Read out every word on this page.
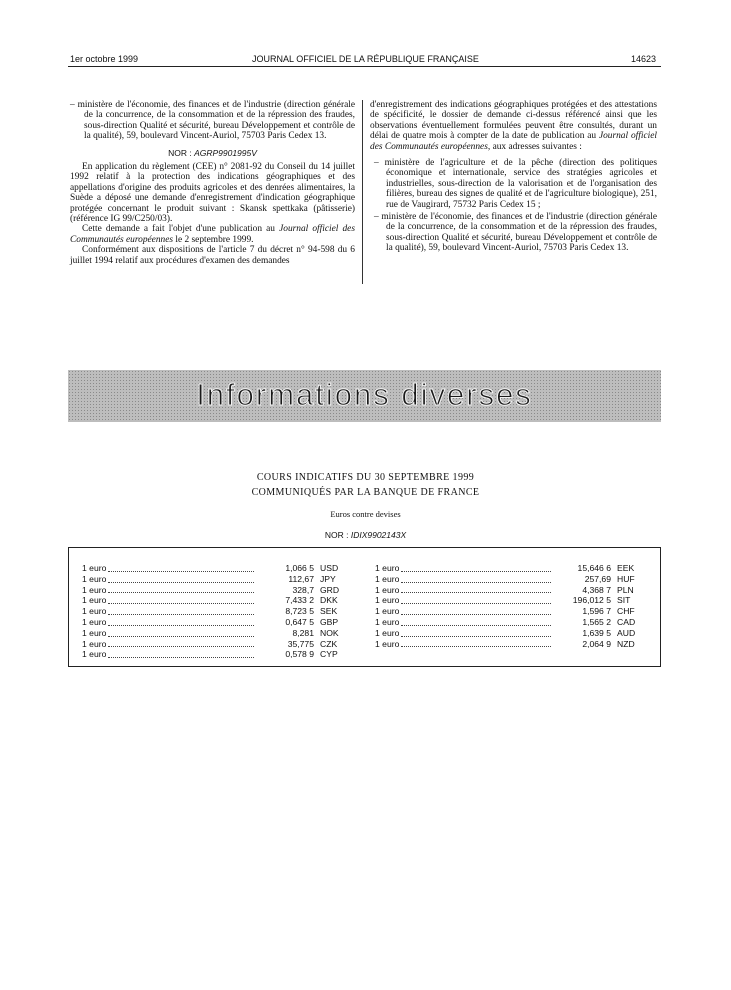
1er octobre 1999	JOURNAL OFFICIEL DE LA RÉPUBLIQUE FRANÇAISE	14623

– ministère de l'économie, des finances et de l'industrie (direction générale de la concurrence, de la consommation et de la répression des fraudes, sous-direction Qualité et sécurité, bureau Développement et contrôle de la qualité), 59, boulevard Vincent-Auriol, 75703 Paris Cedex 13.

NOR : AGRP9901995V

En application du règlement (CEE) n° 2081-92 du Conseil du 14 juillet 1992 relatif à la protection des indications géographiques et des appellations d'origine des produits agricoles et des denrées alimentaires, la Suède a déposé une demande d'enregistrement d'indication géographique protégée concernant le produit suivant : Skansk spettkaka (pâtisserie) (référence IG 99/C250/03).

Cette demande a fait l'objet d'une publication au Journal officiel des Communautés européennes le 2 septembre 1999.

Conformément aux dispositions de l'article 7 du décret n° 94-598 du 6 juillet 1994 relatif aux procédures d'examen des demandes

d'enregistrement des indications géographiques protégées et des attestations de spécificité, le dossier de demande ci-dessus référencé ainsi que les observations éventuellement formulées peuvent être consultés, durant un délai de quatre mois à compter de la date de publication au Journal officiel des Communautés européennes, aux adresses suivantes :

– ministère de l'agriculture et de la pêche (direction des politiques économique et internationale, service des stratégies agricoles et industrielles, sous-direction de la valorisation et de l'organisation des filières, bureau des signes de qualité et de l'agriculture biologique), 251, rue de Vaugirard, 75732 Paris Cedex 15 ;

– ministère de l'économie, des finances et de l'industrie (direction générale de la concurrence, de la consommation et de la répression des fraudes, sous-direction Qualité et sécurité, bureau Développement et contrôle de la qualité), 59, boulevard Vincent-Auriol, 75703 Paris Cedex 13.

Informations diverses
COURS INDICATIFS DU 30 SEPTEMBRE 1999
COMMUNIQUÉS PAR LA BANQUE DE FRANCE
Euros contre devises
NOR : IDIX9902143X
1 euro	1,066 5 USD
1 euro	112,67 JPY
1 euro	328,7 GRD
1 euro	7,433 2 DKK
1 euro	8,723 5 SEK
1 euro	0,647 5 GBP
1 euro	8,281 NOK
1 euro	35,775 CZK
1 euro	0,578 9 CYP
1 euro	15,646 6 EEK
1 euro	257,69 HUF
1 euro	4,368 7 PLN
1 euro	196,012 5 SIT
1 euro	1,596 7 CHF
1 euro	1,565 2 CAD
1 euro	1,639 5 AUD
1 euro	2,064 9 NZD
